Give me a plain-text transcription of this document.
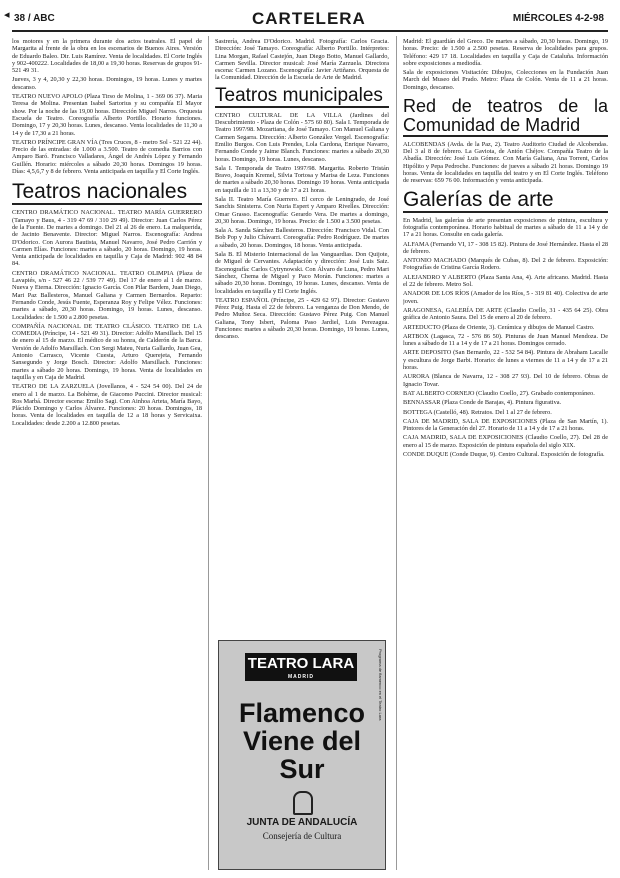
◂ 38 / ABC	CARTELERA	MIÉRCOLES 4-2-98

los motores y en la primera durante dos actos teatrales. El papel de Margarita al frente de la obra en los escenarios de Buenos Aires. Versión de Eduardo Baleo. Dir. Luis Ramírez. Venta de localidades. El Corte Inglés y 902-400222. Localidades de 18,00 a 19,30 horas. Reservas de grupos 91-521 49 31.

Jueves, 3 y 4, 20,30 y 22,30 horas. Domingos, 19 horas. Lunes y martes descanso.

TEATRO NUEVO APOLO (Plaza Tirso de Molina, 1 - 369 06 37). Maria Teresa de Molina. Presentan Isabel Sartorius y su compañía El Mayor show. Por la noche de las 19,00 horas. Dirección Miguel Narros. Orquesta Escuela de Teatro. Coreografía Alberto Portillo. Horario funciones. Domingo, 17 y 20,30 horas. Lunes, descanso. Venta localidades de 11,30 a 14 y de 17,30 a 21 horas.

TEATRO PRÍNCIPE GRAN VÍA (Tres Cruces, 8 - metro Sol - 521 22 44). Precio de las entradas: de 1.000 a 3.500. Teatro de comedia Barrios con Amparo Baró. Francisco Valladares, Ángel de Andrés López y Fernando Guillén. Horario: miércoles a sábado 20,30 horas. Domingos 19 horas. Días: 4,5,6,7 y 8 de febrero. Venta anticipada en taquilla y El Corte Inglés.

Teatros nacionales

CENTRO DRAMÁTICO NACIONAL. TEATRO MARÍA GUERRERO (Tamayo y Baus, 4 - 319 47 69 / 310 29 49). Director: Juan Carlos Pérez de la Fuente. De martes a domingo. Del 21 al 26 de enero. La malquerida, de Jacinto Benavente. Director: Miguel Narros. Escenografía: Andrea D'Odorico. Con Aurora Bautista, Manuel Navarro, José Pedro Carrión y Carmen Elías. Funciones: martes a sábado, 20 horas. Domingo, 19 horas. Venta anticipada de localidades en taquilla y Caja de Madrid: 902 48 84 84.

CENTRO DRAMÁTICO NACIONAL. TEATRO OLIMPIA (Plaza de Lavapiés, s/n - 527 46 22 / 539 77 49). Del 17 de enero al 1 de marzo. Nueva y Eterna. Dirección: Ignacio García. Con Pilar Bardem, Juan Diego, Mari Paz Ballesteros, Manuel Galiana y Carmen Bernardos. Reparto: Fernando Conde, Jesús Fuente, Esperanza Roy y Felipe Vélez. Funciones: martes a sábado, 20,30 horas. Domingo, 19 horas. Lunes, descanso. Localidades: de 1.500 a 2.800 pesetas.

COMPAÑÍA NACIONAL DE TEATRO CLÁSICO. TEATRO DE LA COMEDIA (Príncipe, 14 - 521 49 31). Director: Adolfo Marsillach. Del 15 de enero al 15 de marzo. El médico de su honra, de Calderón de la Barca. Versión de Adolfo Marsillach. Con Sergi Mateu, Nuria Gallardo, Juan Gea, Antonio Carrasco, Vicente Cuesta, Arturo Querejeta, Fernando Sansegundo y Jorge Bosch. Director: Adolfo Marsillach. Funciones: martes a sábado 20 horas. Domingo, 19 horas. Venta de localidades en taquilla y en Caja de Madrid.

TEATRO DE LA ZARZUELA (Jovellanos, 4 - 524 54 00). Del 24 de enero al 1 de marzo. La Bohème, de Giacomo Puccini. Director musical: Ros Marbá. Director escena: Emilio Sagi. Con Ainhoa Arteta, María Bayo, Plácido Domingo y Carlos Álvarez. Funciones: 20 horas. Domingos, 18 horas. Venta de localidades en taquilla de 12 a 18 horas y Servicaixa. Localidades: desde 2.200 a 12.800 pesetas.

Sastrería, Andrea D'Odorico. Madrid. Fotografía: Carlos Gracia. Dirección: José Tamayo. Coreografía: Alberto Portillo. Intérpretes: Lina Morgan, Rafael Castejón, Juan Diego Botto, Manuel Gallardo, Carmen Sevilla. Director musical: José María Zarzuela. Directora escena: Carmen Lozano. Escenografía: Javier Artiñano. Orquesta de la Comunidad. Dirección de la Escuela de Arte de Madrid.

Teatros municipales

CENTRO CULTURAL DE LA VILLA (Jardines del Descubrimiento - Plaza de Colón - 575 60 80). Sala I. Temporada de Teatro 1997/98. Mozartiana, de José Tamayo. Con Manuel Galiana y Carmen Segarra. Dirección: Alberto González Vergel. Escenografía: Emilio Burgos. Con Luis Prendes, Lola Cardona, Enrique Navarro, Fernando Conde y Jaime Blanch. Funciones: martes a sábado 20,30 horas. Domingo, 19 horas. Lunes, descanso.

Sala I. Temporada de Teatro 1997/98. Margarita. Roberto Tristán Bravo, Joaquín Kremel, Silvia Tortosa y Marisa de Leza. Funciones de martes a sábado 20,30 horas. Domingo 19 horas. Venta anticipada en taquilla de 11 a 13,30 y de 17 a 21 horas.

Sala II. Teatro María Guerrero. El cerco de Leningrado, de José Sanchis Sinisterra. Con Nuria Espert y Amparo Rivelles. Dirección: Omar Grasso. Escenografía: Gerardo Vera. De martes a domingo, 20,30 horas. Domingo, 19 horas. Precio: de 1.500 a 3.500 pesetas.

Sala A. Sanda Sánchez Ballesteros. Dirección: Francisco Vidal. Con Bob Pop y Julio Chávarri. Coreografía: Pedro Rodríguez. De martes a sábado, 20 horas. Domingos, 18 horas. Venta anticipada.

Sala B. El Misterio Internacional de las Vanguardias. Don Quijote, de Miguel de Cervantes. Adaptación y dirección: José Luis Saiz. Escenografía: Carlos Cytrynowski. Con Álvaro de Luna, Pedro Mari Sánchez, Chema de Miguel y Paco Morán. Funciones: martes a sábado 20,30 horas. Domingo, 19 horas. Lunes, descanso. Venta de localidades en taquilla y El Corte Inglés.

TEATRO ESPAÑOL (Príncipe, 25 - 429 62 97). Director: Gustavo Pérez Puig. Hasta el 22 de febrero. La venganza de Don Mendo, de Pedro Muñoz Seca. Dirección: Gustavo Pérez Puig. Con Manuel Galiana, Tony Isbert, Paloma Paso Jardiel, Luis Perezagua. Funciones: martes a sábado 20,30 horas. Domingo, 19 horas. Lunes, descanso.

TEATRO LARA
MADRID
Flamenco Viene del Sur
JUNTA DE ANDALUCÍA
Consejería de Cultura
Programa de flamenco en el Teatro Lara

Madrid: El guardián del Greco. De martes a sábado, 20,30 horas. Domingo, 19 horas. Precio: de 1.500 a 2.500 pesetas. Reserva de localidades para grupos. Teléfono: 429 17 18. Localidades en taquilla y Caja de Cataluña. Información sobre exposiciones a mediodía.

Sala de exposiciones Visitación: Dibujos, Colecciones en la Fundación Juan March del Museo del Prado. Metro: Plaza de Colón. Venta de 11 a 21 horas. Domingo, descanso.

Red de teatros de la Comunidad de Madrid

ALCOBENDAS (Avda. de la Paz, 2). Teatro Auditorio Ciudad de Alcobendas. Del 3 al 8 de febrero. La Gaviota, de Antón Chéjov. Compañía Teatro de la Abadía. Dirección: José Luis Gómez. Con María Galiana, Ana Torrent, Carlos Hipólito y Pepa Pedroche. Funciones: de jueves a sábado 21 horas. Domingo 19 horas. Venta de localidades en taquilla del teatro y en El Corte Inglés. Teléfono de reservas: 659 76 00. Información y venta anticipada.

Galerías de arte

En Madrid, las galerías de arte presentan exposiciones de pintura, escultura y fotografía contemporánea. Horario habitual de martes a sábado de 11 a 14 y de 17 a 21 horas. Consulte en cada galería.

ALFAMA (Fernando VI, 17 - 308 15 82). Pintura de José Hernández. Hasta el 28 de febrero.

ANTONIO MACHADO (Marqués de Cubas, 8). Del 2 de febrero. Exposición: Fotografías de Cristina García Rodero.

ALEJANDRO Y ALBERTO (Plaza Santa Ana, 4). Arte africano. Madrid. Hasta el 22 de febrero. Metro Sol.

ANADOR DE LOS RÍOS (Amador de los Ríos, 5 - 319 81 40). Colectiva de arte joven.

ARAGONESA, GALERÍA DE ARTE (Claudio Coello, 31 - 435 64 25). Obra gráfica de Antonio Saura. Del 15 de enero al 20 de febrero.

ARTEDUCTO (Plaza de Oriente, 3). Cerámica y dibujos de Manuel Castro.

ARTBOX (Lagasca, 72 - 576 86 50). Pinturas de Juan Manuel Mendoza. De lunes a sábado de 11 a 14 y de 17 a 21 horas. Domingos cerrado.

ARTE DEPOSITO (San Bernardo, 22 - 532 54 84). Pintura de Abraham Lacalle y escultura de Jorge Barbi. Horario: de lunes a viernes de 11 a 14 y de 17 a 21 horas.

AURORA (Blanca de Navarra, 12 - 308 27 93). Del 10 de febrero. Obras de Ignacio Tovar.

BAT ALBERTO CORNEJO (Claudio Coello, 27). Grabado contemporáneo.

BENNASSAR (Plaza Conde de Barajas, 4). Pintura figurativa.

BOTTEGA (Castelló, 48). Retratos. Del 1 al 27 de febrero.

CAJA DE MADRID, SALA DE EXPOSICIONES (Plaza de San Martín, 1). Pintores de la Generación del 27. Horario de 11 a 14 y de 17 a 21 horas.

CAJA MADRID, SALA DE EXPOSICIONES (Claudio Coello, 27). Del 28 de enero al 15 de marzo. Exposición de pintura española del siglo XIX.

CONDE DUQUE (Conde Duque, 9). Centro Cultural. Exposición de fotografía.
